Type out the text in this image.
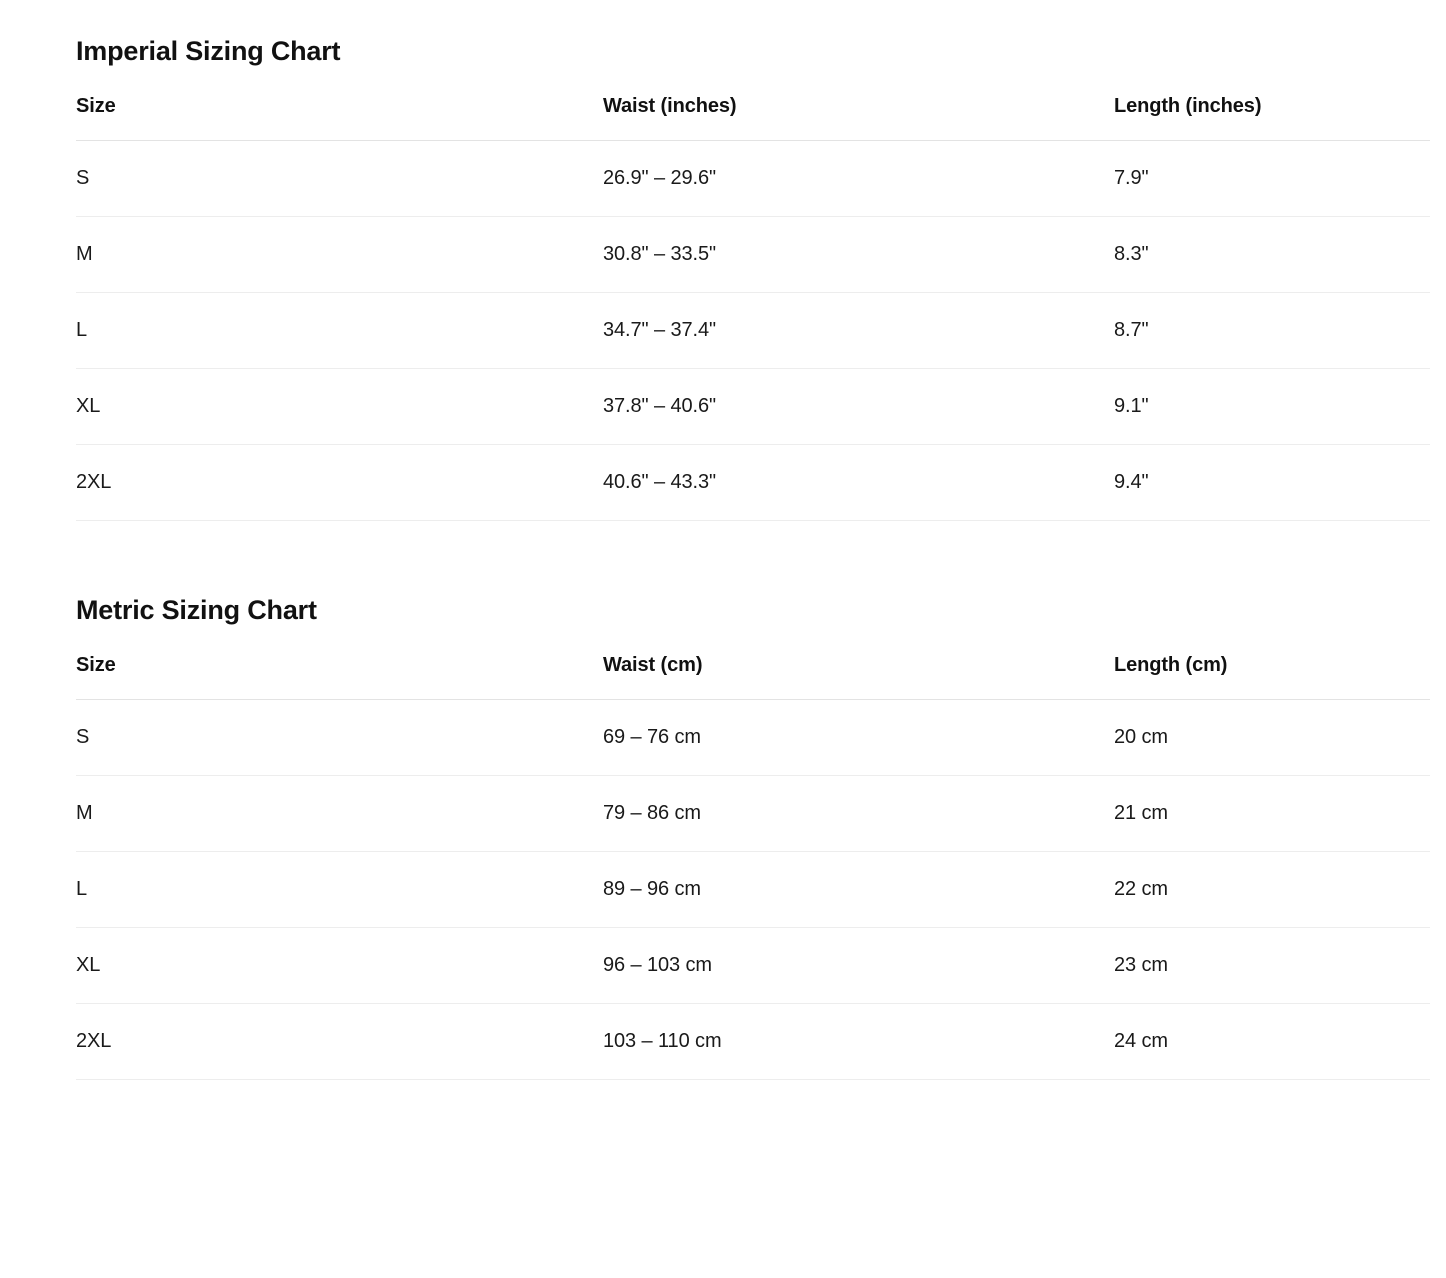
Imperial Sizing Chart
Size	Waist (inches)	Length (inches)
S	26.9" – 29.6"	7.9"
M	30.8" – 33.5"	8.3"
L	34.7" – 37.4"	8.7"
XL	37.8" – 40.6"	9.1"
2XL	40.6" – 43.3"	9.4"
Metric Sizing Chart
Size	Waist (cm)	Length (cm)
S	69 – 76 cm	20 cm
M	79 – 86 cm	21 cm
L	89 – 96 cm	22 cm
XL	96 – 103 cm	23 cm
2XL	103 – 110 cm	24 cm
